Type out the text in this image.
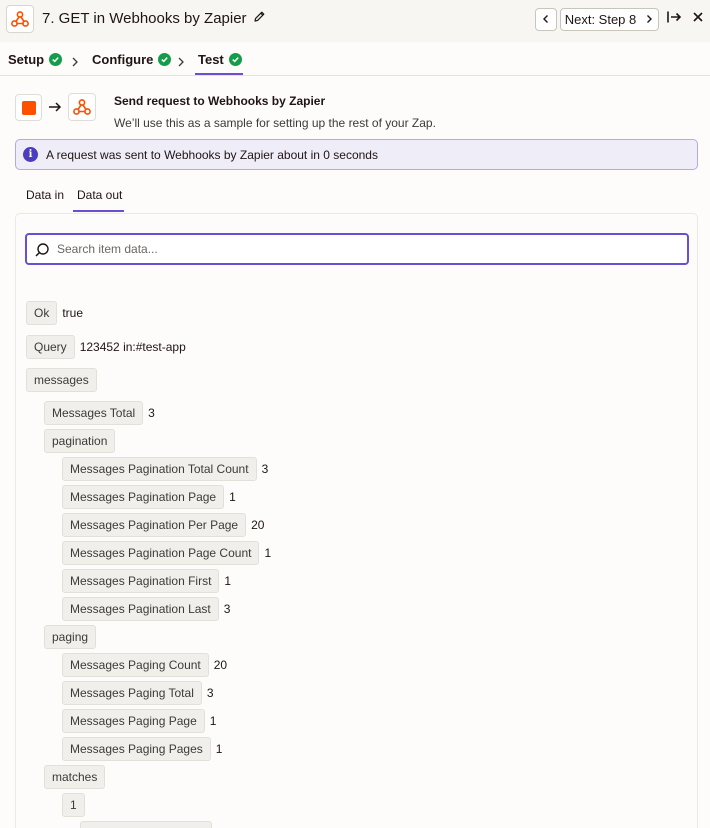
7. GET in Webhooks by Zapier	Next: Step 8
Setup	Configure	Test
Send request to Webhooks by Zapier
We’ll use this as a sample for setting up the rest of your Zap.
i	A request was sent to Webhooks by Zapier about in 0 seconds
Data in Data out
Search item data...
Ok	true
Query	123452 in:#test-app
messages
Messages Total	3
pagination
Messages Pagination Total Count	3
Messages Pagination Page	1
Messages Pagination Per Page	20
Messages Pagination Page Count	1
Messages Pagination First	1
Messages Pagination Last	3
paging
Messages Paging Count	20
Messages Paging Total	3
Messages Paging Page	1
Messages Paging Pages	1
matches
1
